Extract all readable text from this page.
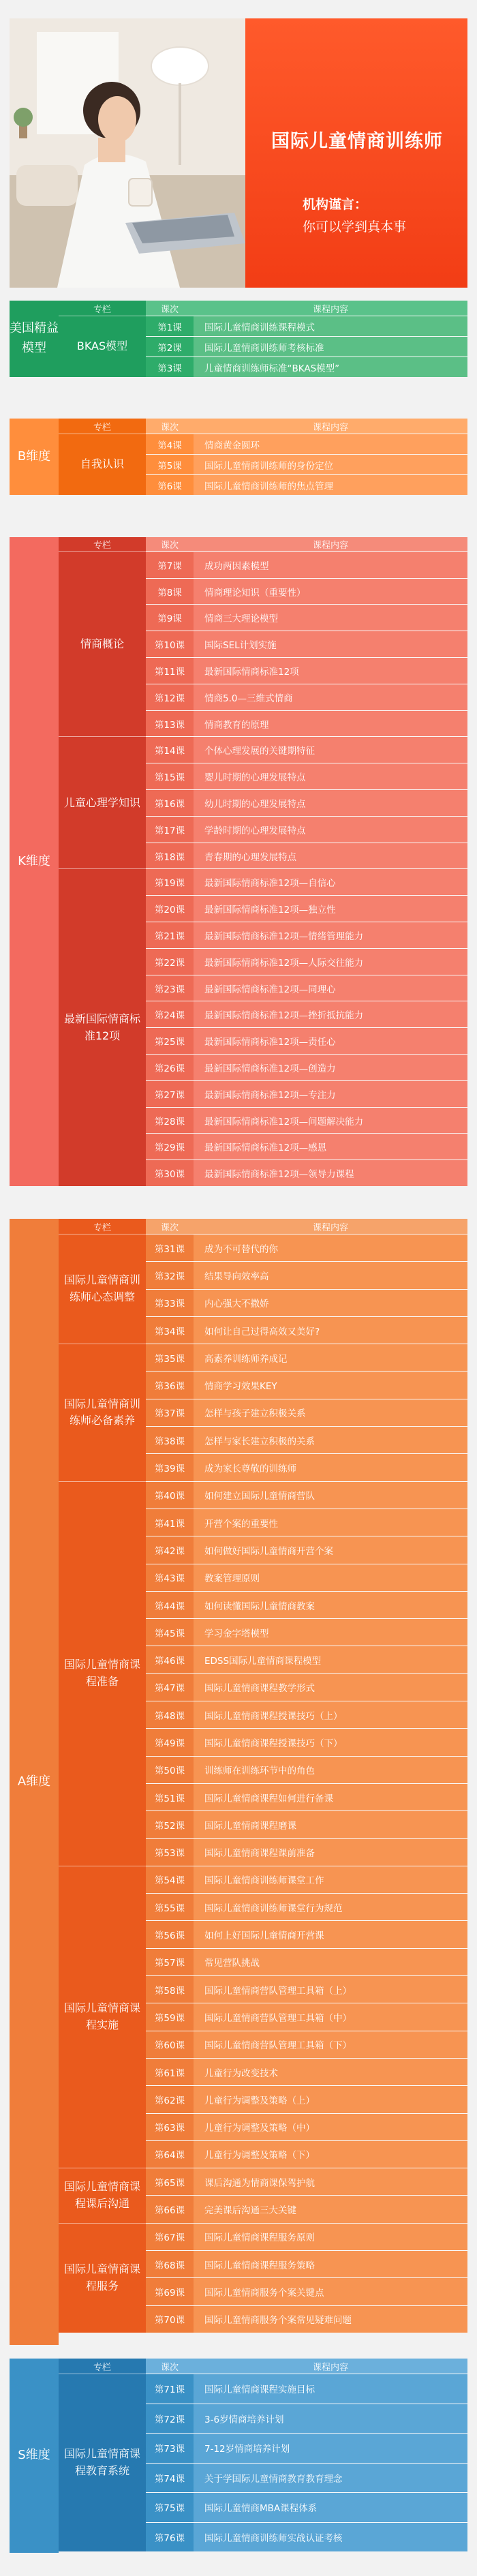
国际儿童情商训练师
机构谨言：
你可以学到真本事
美国精益模型
专栏	课次	课程内容
BKAS模型
第1课	国际儿童情商训练课程模式
第2课	国际儿童情商训练师考核标准
第3课	儿童情商训练师标准“BKAS模型”
B维度
专栏	课次	课程内容
自我认识
第4课	情商黄金圆环
第5课	国际儿童情商训练师的身份定位
第6课	国际儿童情商训练师的焦点管理
K维度
专栏	课次	课程内容
情商概论
第7课	成功两因素模型
第8课	情商理论知识（重要性）
第9课	情商三大理论模型
第10课	国际SEL计划实施
第11课	最新国际情商标准12项
第12课	情商5.0—三维式情商
第13课	情商教育的原理
儿童心理学知识
第14课	个体心理发展的关键期特征
第15课	婴儿时期的心理发展特点
第16课	幼儿时期的心理发展特点
第17课	学龄时期的心理发展特点
第18课	青春期的心理发展特点
最新国际情商标准12项
第19课	最新国际情商标准12项—自信心
第20课	最新国际情商标准12项—独立性
第21课	最新国际情商标准12项—情绪管理能力
第22课	最新国际情商标准12项—人际交往能力
第23课	最新国际情商标准12项—同理心
第24课	最新国际情商标准12项—挫折抵抗能力
第25课	最新国际情商标准12项—责任心
第26课	最新国际情商标准12项—创造力
第27课	最新国际情商标准12项—专注力
第28课	最新国际情商标准12项—问题解决能力
第29课	最新国际情商标准12项—感恩
第30课	最新国际情商标准12项—领导力课程
A维度
专栏	课次	课程内容
国际儿童情商训练师心态调整
第31课	成为不可替代的你
第32课	结果导向效率高
第33课	内心强大不撒娇
第34课	如何让自己过得高效又美好?
国际儿童情商训练师必备素养
第35课	高素养训练师养成记
第36课	情商学习效果KEY
第37课	怎样与孩子建立积极关系
第38课	怎样与家长建立积极的关系
第39课	成为家长尊敬的训练师
国际儿童情商课程准备
第40课	如何建立国际儿童情商营队
第41课	开营个案的重要性
第42课	如何做好国际儿童情商开营个案
第43课	教案管理原则
第44课	如何读懂国际儿童情商教案
第45课	学习金字塔模型
第46课	EDSS国际儿童情商课程模型
第47课	国际儿童情商课程教学形式
第48课	国际儿童情商课程授课技巧（上）
第49课	国际儿童情商课程授课技巧（下）
第50课	训练师在训练环节中的角色
第51课	国际儿童情商课程如何进行备课
第52课	国际儿童情商课程磨课
第53课	国际儿童情商课程课前准备
国际儿童情商课程实施
第54课	国际儿童情商训练师课堂工作
第55课	国际儿童情商训练师课堂行为规范
第56课	如何上好国际儿童情商开营课
第57课	常见营队挑战
第58课	国际儿童情商营队管理工具箱（上）
第59课	国际儿童情商营队管理工具箱（中）
第60课	国际儿童情商营队管理工具箱（下）
第61课	儿童行为改变技术
第62课	儿童行为调整及策略（上）
第63课	儿童行为调整及策略（中）
第64课	儿童行为调整及策略（下）
国际儿童情商课程课后沟通
第65课	课后沟通为情商课保驾护航
第66课	完美课后沟通三大关键
国际儿童情商课程服务
第67课	国际儿童情商课程服务原则
第68课	国际儿童情商课程服务策略
第69课	国际儿童情商服务个案关键点
第70课	国际儿童情商服务个案常见疑难问题
S维度
专栏	课次	课程内容
国际儿童情商课程教育系统
第71课	国际儿童情商课程实施目标
第72课	3-6岁情商培养计划
第73课	7-12岁情商培养计划
第74课	关于学国际儿童情商教育教育理念
第75课	国际儿童情商MBA课程体系
第76课	国际儿童情商训练师实战认证考核
